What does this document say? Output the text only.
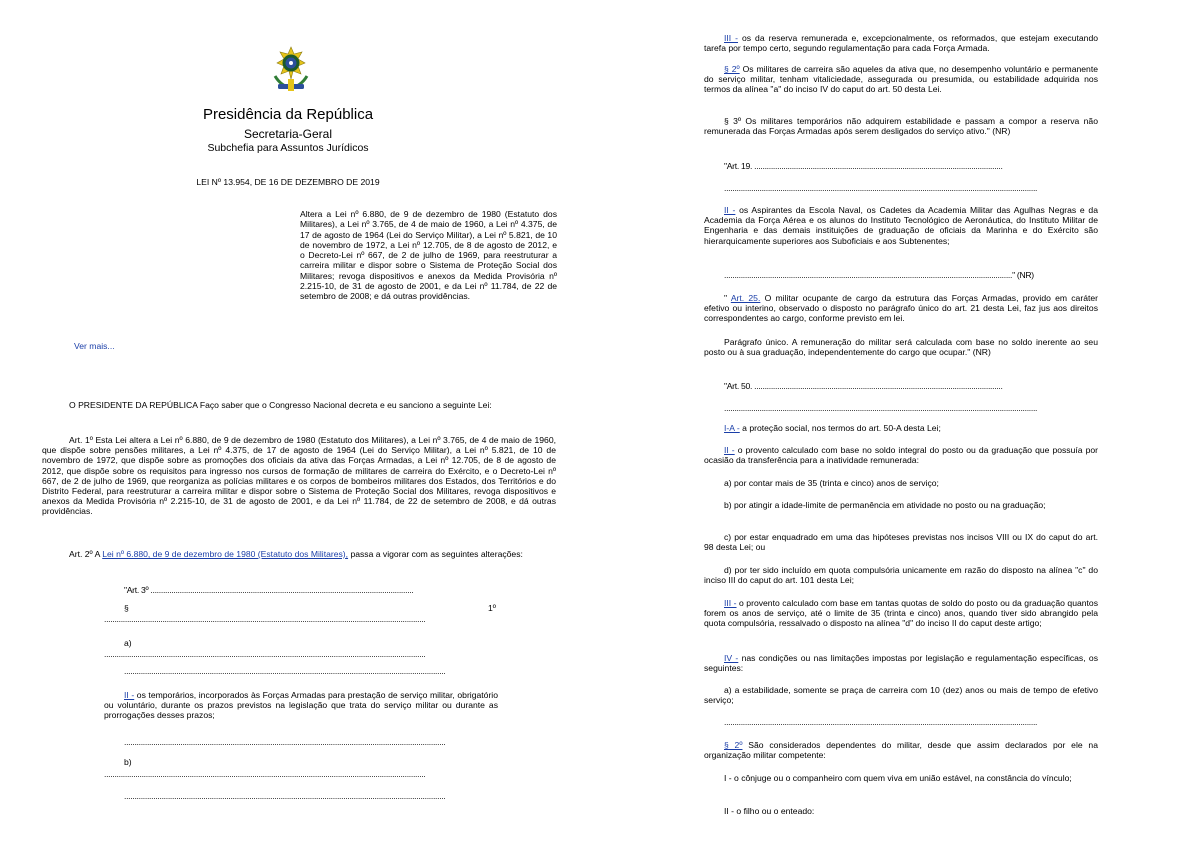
Presidência da República
Secretaria-Geral
Subchefia para Assuntos Jurídicos
LEI Nº 13.954, DE 16 DE DEZEMBRO DE 2019

Altera a Lei nº 6.880, de 9 de dezembro de 1980 (Estatuto dos Militares), a Lei nº 3.765, de 4 de maio de 1960, a Lei nº 4.375, de 17 de agosto de 1964 (Lei do Serviço Militar), a Lei nº 5.821, de 10 de novembro de 1972, a Lei nº 12.705, de 8 de agosto de 2012, e o Decreto-Lei nº 667, de 2 de julho de 1969, para reestruturar a carreira militar e dispor sobre o Sistema de Proteção Social dos Militares; revoga dispositivos e anexos da Medida Provisória nº 2.215-10, de 31 de agosto de 2001, e da Lei nº 11.784, de 22 de setembro de 2008; e dá outras providências.

Ver mais...

O PRESIDENTE DA REPÚBLICA Faço saber que o Congresso Nacional decreta e eu sanciono a seguinte Lei:

Art. 1º Esta Lei altera a Lei nº 6.880, de 9 de dezembro de 1980 (Estatuto dos Militares), a Lei nº 3.765, de 4 de maio de 1960, que dispõe sobre pensões militares, a Lei nº 4.375, de 17 de agosto de 1964 (Lei do Serviço Militar), a Lei nº 5.821, de 10 de novembro de 1972, que dispõe sobre as promoções dos oficiais da ativa das Forças Armadas, a Lei nº 12.705, de 8 de agosto de 2012, que dispõe sobre os requisitos para ingresso nos cursos de formação de militares de carreira do Exército, e o Decreto-Lei nº 667, de 2 de julho de 1969, que reorganiza as polícias militares e os corpos de bombeiros militares dos Estados, dos Territórios e do Distrito Federal, para reestruturar a carreira militar e dispor sobre o Sistema de Proteção Social dos Militares, revoga dispositivos e anexos da Medida Provisória nº 2.215-10, de 31 de agosto de 2001, e da Lei nº 11.784, de 22 de setembro de 2008, e dá outras providências.

Art. 2º A Lei nº 6.880, de 9 de dezembro de 1980 (Estatuto dos Militares), passa a vigorar com as seguintes alterações:

"Art. 3º ..............................................................................................................................
§	1º
..........................................................................................................................................................
a)
..........................................................................................................................................................
..........................................................................................................................................................

II - os temporários, incorporados às Forças Armadas para prestação de serviço militar, obrigatório ou voluntário, durante os prazos previstos na legislação que trata do serviço militar ou durante as prorrogações desses prazos;

..........................................................................................................................................................
b)
..........................................................................................................................................................
..........................................................................................................................................................

III - os da reserva remunerada e, excepcionalmente, os reformados, que estejam executando tarefa por tempo certo, segundo regulamentação para cada Força Armada.

§ 2º Os militares de carreira são aqueles da ativa que, no desempenho voluntário e permanente do serviço militar, tenham vitaliciedade, assegurada ou presumida, ou estabilidade adquirida nos termos da alínea "a" do inciso IV do caput do art. 50 desta Lei.

§ 3º Os militares temporários não adquirem estabilidade e passam a compor a reserva não remunerada das Forças Armadas após serem desligados do serviço ativo." (NR)

"Art. 19. .......................................................................................................................
......................................................................................................................................................

II - os Aspirantes da Escola Naval, os Cadetes da Academia Militar das Agulhas Negras e da Academia da Força Aérea e os alunos do Instituto Tecnológico de Aeronáutica, do Instituto Militar de Engenharia e das demais instituições de graduação de oficiais da Marinha e do Exército são hierarquicamente superiores aos Suboficiais e aos Subtenentes;

.........................................................................................................................................." (NR)

" Art. 25. O militar ocupante de cargo da estrutura das Forças Armadas, provido em caráter efetivo ou interino, observado o disposto no parágrafo único do art. 21 desta Lei, faz jus aos direitos correspondentes ao cargo, conforme previsto em lei.

Parágrafo único. A remuneração do militar será calculada com base no soldo inerente ao seu posto ou à sua graduação, independentemente do cargo que ocupar." (NR)

"Art. 50. .......................................................................................................................
......................................................................................................................................................

I-A - a proteção social, nos termos do art. 50-A desta Lei;

II - o provento calculado com base no soldo integral do posto ou da graduação que possuía por ocasião da transferência para a inatividade remunerada:

a) por contar mais de 35 (trinta e cinco) anos de serviço;

b) por atingir a idade-limite de permanência em atividade no posto ou na graduação;

c) por estar enquadrado em uma das hipóteses previstas nos incisos VIII ou IX do caput do art. 98 desta Lei; ou

d) por ter sido incluído em quota compulsória unicamente em razão do disposto na alínea "c" do inciso III do caput do art. 101 desta Lei;

III - o provento calculado com base em tantas quotas de soldo do posto ou da graduação quantos forem os anos de serviço, até o limite de 35 (trinta e cinco) anos, quando tiver sido abrangido pela quota compulsória, ressalvado o disposto na alínea "d" do inciso II do caput deste artigo;

IV - nas condições ou nas limitações impostas por legislação e regulamentação específicas, os seguintes:

a) a estabilidade, somente se praça de carreira com 10 (dez) anos ou mais de tempo de efetivo serviço;

......................................................................................................................................................

§ 2º São considerados dependentes do militar, desde que assim declarados por ele na organização militar competente:

I - o cônjuge ou o companheiro com quem viva em união estável, na constância do vínculo;

II - o filho ou o enteado:
